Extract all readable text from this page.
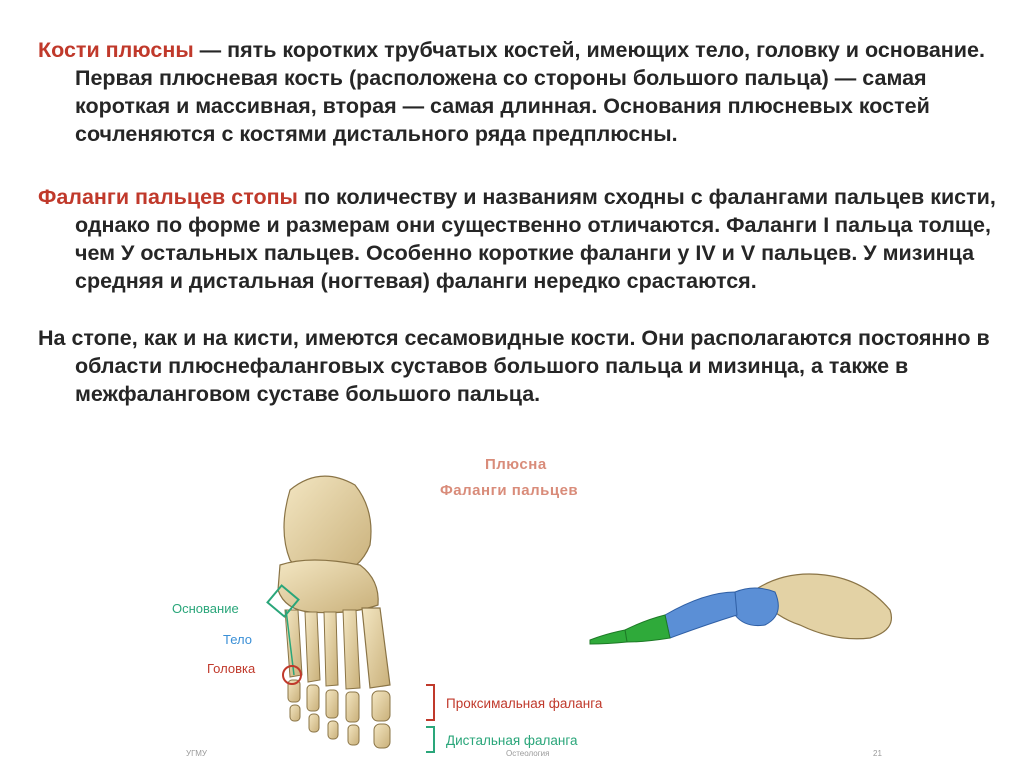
Кости плюсны — пять коротких трубчатых костей, имеющих тело, головку и основание. Первая плюсневая кость (расположена со стороны большого пальца) — самая короткая и массивная, вторая — самая длинная. Основания плюсневых костей сочленяются с костями дистального ряда предплюсны.
Фаланги пальцев стопы по количеству и названиям сходны с фалангами пальцев кисти, однако по форме и размерам они существенно отличаются. Фаланги I пальца толще, чем У остальных пальцев. Особенно короткие фаланги у IV и V пальцев. У мизинца средняя и дистальная (ногтевая) фаланги нередко срастаются.
На стопе, как и на кисти, имеются сесамовидные кости. Они располагаются постоянно в области плюснефаланговых суставов большого пальца и мизинца, а также в межфаланговом суставе большого пальца.
Плюсна
Фаланги пальцев
Основание
Тело
Головка
Проксимальная фаланга
Дистальная фаланга
УГМУ	Остеология	21
